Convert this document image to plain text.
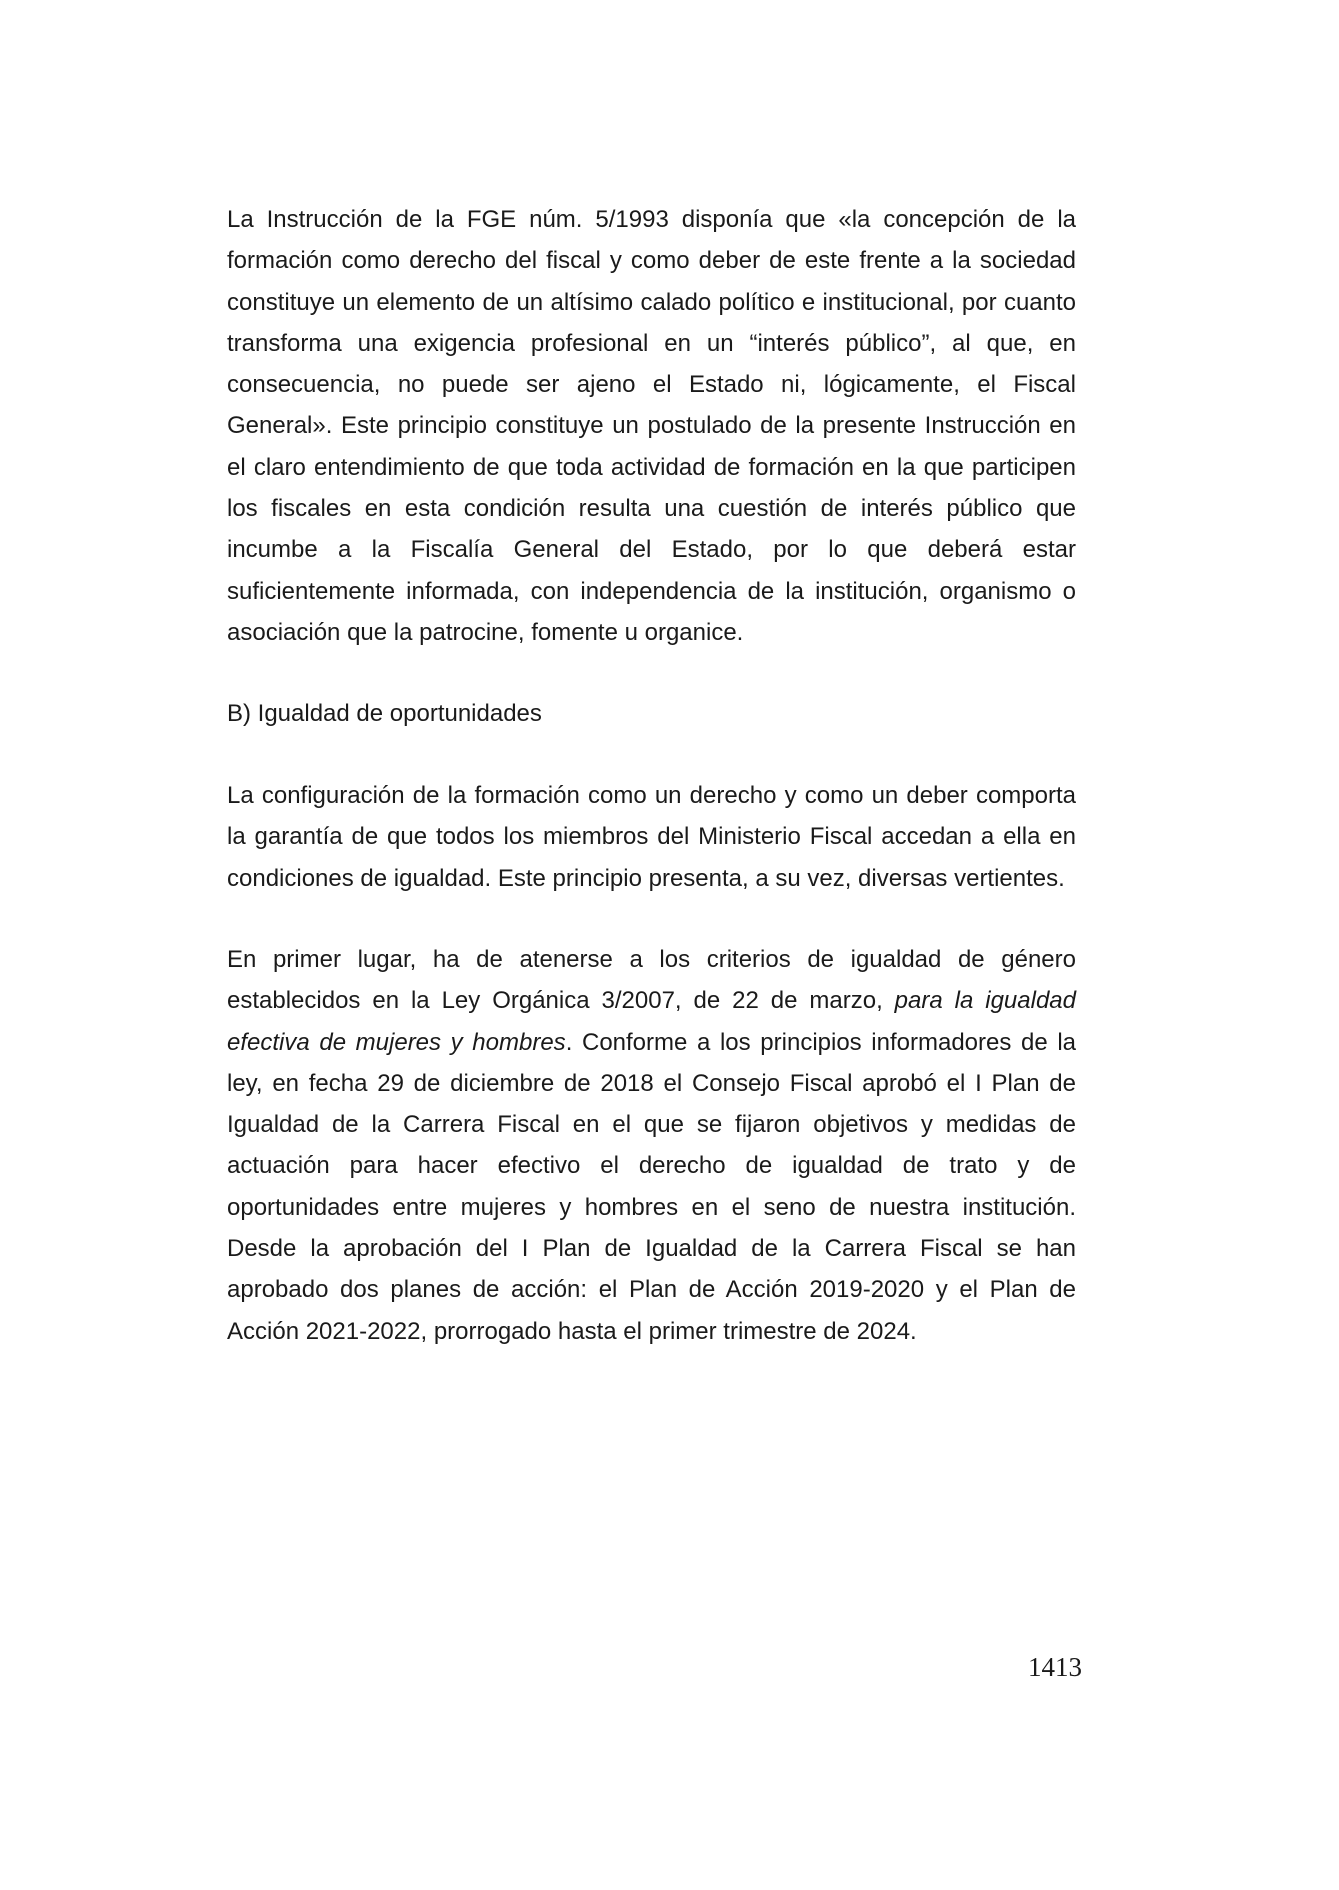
La Instrucción de la FGE núm. 5/1993 disponía que «la concepción de la formación como derecho del fiscal y como deber de este frente a la sociedad constituye un elemento de un altísimo calado político e institucional, por cuanto transforma una exigencia profesional en un “interés público”, al que, en consecuencia, no puede ser ajeno el Estado ni, lógicamente, el Fiscal General». Este principio constituye un postulado de la presente Instrucción en el claro entendimiento de que toda actividad de formación en la que participen los fiscales en esta condición resulta una cuestión de interés público que incumbe a la Fiscalía General del Estado, por lo que deberá estar suficientemente informada, con independencia de la institución, organismo o asociación que la patrocine, fomente u organice.

B) Igualdad de oportunidades

La configuración de la formación como un derecho y como un deber comporta la garantía de que todos los miembros del Ministerio Fiscal accedan a ella en condiciones de igualdad. Este principio presenta, a su vez, diversas vertientes.

En primer lugar, ha de atenerse a los criterios de igualdad de género establecidos en la Ley Orgánica 3/2007, de 22 de marzo, para la igualdad efectiva de mujeres y hombres. Conforme a los principios informadores de la ley, en fecha 29 de diciembre de 2018 el Consejo Fiscal aprobó el I Plan de Igualdad de la Carrera Fiscal en el que se fijaron objetivos y medidas de actuación para hacer efectivo el derecho de igualdad de trato y de oportunidades entre mujeres y hombres en el seno de nuestra institución. Desde la aprobación del I Plan de Igualdad de la Carrera Fiscal se han aprobado dos planes de acción: el Plan de Acción 2019-2020 y el Plan de Acción 2021-2022, prorrogado hasta el primer trimestre de 2024.

1413
